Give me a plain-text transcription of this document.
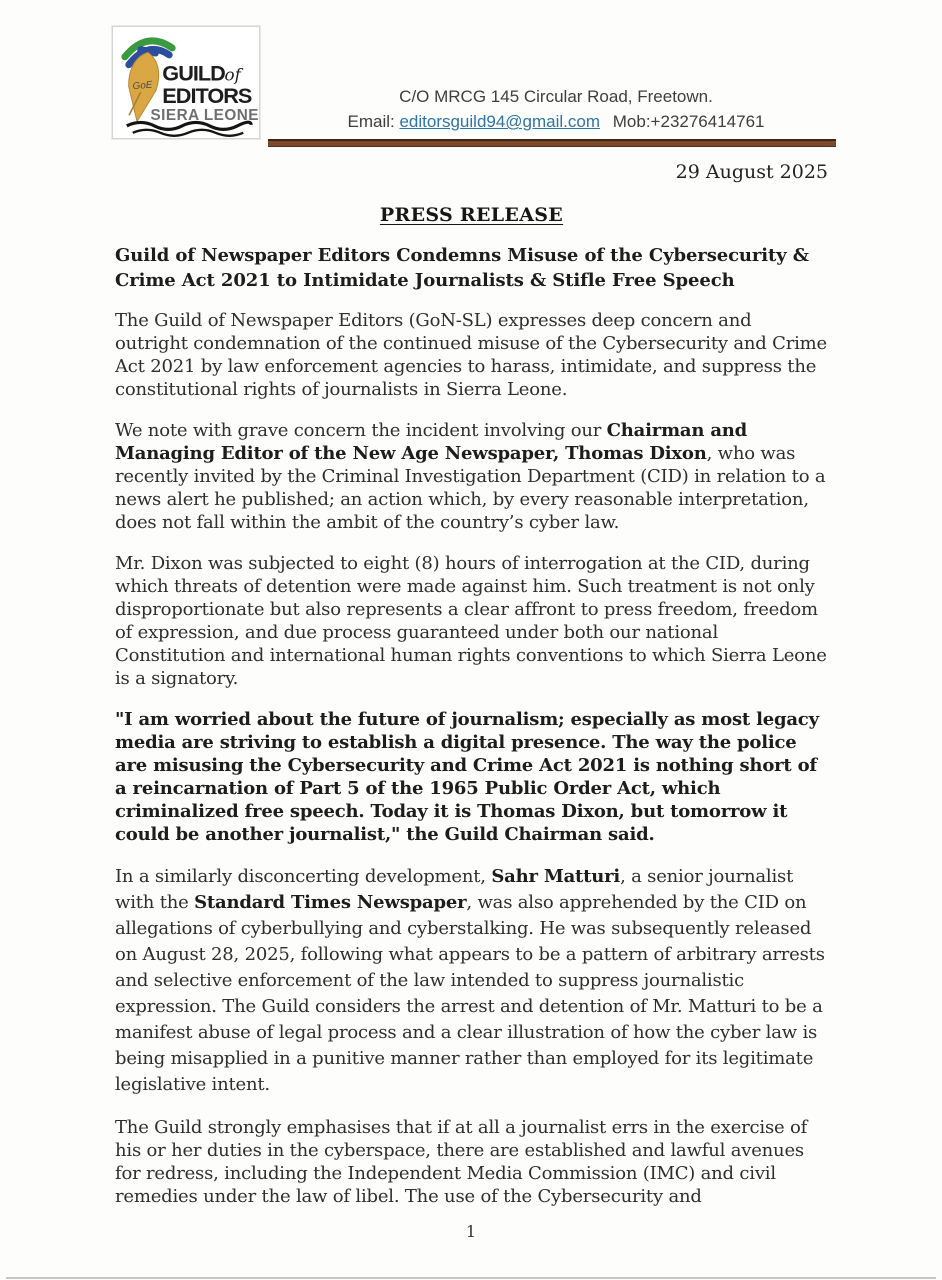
GoE
GUILD of
EDITORS
SIERA LEONE
C/O MRCG 145 Circular Road, Freetown.
Email: editorsguild94@gmail.com Mob:+23276414761
29 August 2025
PRESS RELEASE
Guild of Newspaper Editors Condemns Misuse of the Cybersecurity & Crime Act 2021 to Intimidate Journalists & Stifle Free Speech

The Guild of Newspaper Editors (GoN-SL) expresses deep concern and outright condemnation of the continued misuse of the Cybersecurity and Crime Act 2021 by law enforcement agencies to harass, intimidate, and suppress the constitutional rights of journalists in Sierra Leone.

We note with grave concern the incident involving our Chairman and Managing Editor of the New Age Newspaper, Thomas Dixon, who was recently invited by the Criminal Investigation Department (CID) in relation to a news alert he published; an action which, by every reasonable interpretation, does not fall within the ambit of the country’s cyber law.

Mr. Dixon was subjected to eight (8) hours of interrogation at the CID, during which threats of detention were made against him. Such treatment is not only disproportionate but also represents a clear affront to press freedom, freedom of expression, and due process guaranteed under both our national Constitution and international human rights conventions to which Sierra Leone is a signatory.

"I am worried about the future of journalism; especially as most legacy media are striving to establish a digital presence. The way the police are misusing the Cybersecurity and Crime Act 2021 is nothing short of a reincarnation of Part 5 of the 1965 Public Order Act, which criminalized free speech. Today it is Thomas Dixon, but tomorrow it could be another journalist," the Guild Chairman said.

In a similarly disconcerting development, Sahr Matturi, a senior journalist with the Standard Times Newspaper, was also apprehended by the CID on allegations of cyberbullying and cyberstalking. He was subsequently released on August 28, 2025, following what appears to be a pattern of arbitrary arrests and selective enforcement of the law intended to suppress journalistic expression. The Guild considers the arrest and detention of Mr. Matturi to be a manifest abuse of legal process and a clear illustration of how the cyber law is being misapplied in a punitive manner rather than employed for its legitimate legislative intent.

The Guild strongly emphasises that if at all a journalist errs in the exercise of his or her duties in the cyberspace, there are established and lawful avenues for redress, including the Independent Media Commission (IMC) and civil remedies under the law of libel. The use of the Cybersecurity and

1
